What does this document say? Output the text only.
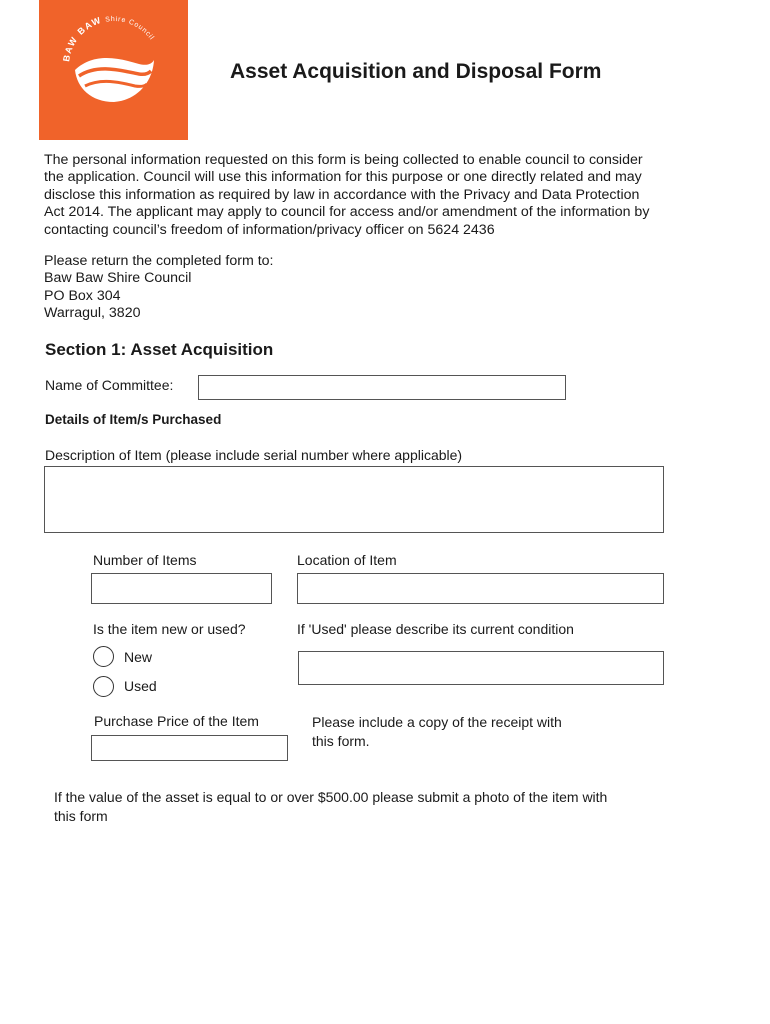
BAW BAW Shire Council
Asset Acquisition and Disposal Form
The personal information requested on this form is being collected to enable council to consider
the application. Council will use this information for this purpose or one directly related and may
disclose this information as required by law in accordance with the Privacy and Data Protection
Act 2014. The applicant may apply to council for access and/or amendment of the information by
contacting council’s freedom of information/privacy officer on 5624 2436
Please return the completed form to:
Baw Baw Shire Council
PO Box 304
Warragul, 3820
Section 1: Asset Acquisition
Name of Committee:
Details of Item/s Purchased
Description of Item (please include serial number where applicable)
Number of Items	Location of Item
Is the item new or used?
New
Used
If 'Used' please describe its current condition
Purchase Price of the Item	Please include a copy of the receipt with
this form.
If the value of the asset is equal to or over $500.00 please submit a photo of the item with
this form
